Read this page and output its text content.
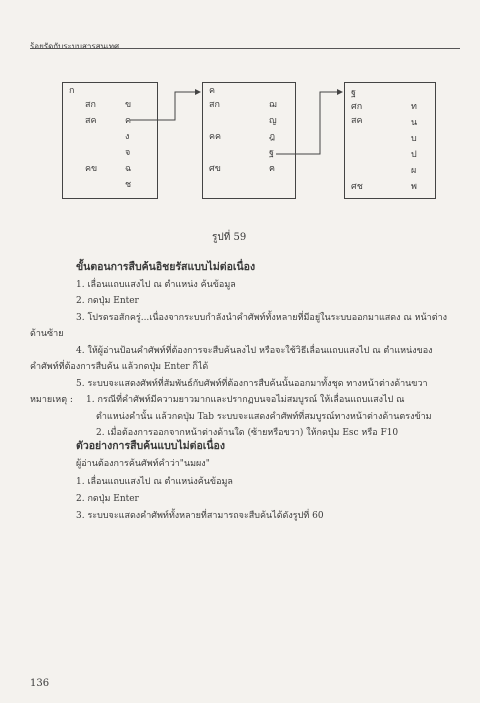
ร้อยรัดกับระบบสารสนเทศ
ก
สก
สค
คข
ข
ค
ง
จ
ฉ
ช
ค
สก
คค
ศข
ฌ
ญ
ฎ
ฐ
ฅ
ฐ
ศก
สค
ศช
ท
น
บ
ป
ผ
พ
รูปที่ 59
ขั้นตอนการสืบค้นอิชยรัสแบบไม่ต่อเนื่อง
1. เลื่อนแถบแสงไป ณ ตำแหน่ง ค้นข้อมูล
2. กดปุ่ม Enter
3. โปรดรอสักครู่...เนื่องจากระบบกำลังนำคำศัพท์ทั้งหลายที่มีอยู่ในระบบออกมาแสดง ณ หน้าต่าง
ด้านซ้าย
4. ให้ผู้อ่านป้อนคำศัพท์ที่ต้องการจะสืบค้นลงไป หรือจะใช้วิธีเลื่อนแถบแสงไป ณ ตำแหน่งของ
คำศัพท์ที่ต้องการสืบค้น แล้วกดปุ่ม Enter ก็ได้
5. ระบบจะแสดงศัพท์ที่สัมพันธ์กับศัพท์ที่ต้องการสืบค้นนั้นออกมาทั้งชุด ทางหน้าต่างด้านขวา
หมายเหตุ : 1. กรณีที่คำศัพท์มีความยาวมากและปรากฏบนจอไม่สมบูรณ์ ให้เลื่อนแถบแสงไป ณ
ตำแหน่งคำนั้น แล้วกดปุ่ม Tab ระบบจะแสดงคำศัพท์ที่สมบูรณ์ทางหน้าต่างด้านตรงข้าม
2. เมื่อต้องการออกจากหน้าต่างด้านใด (ซ้ายหรือขวา) ให้กดปุ่ม Esc หรือ F10
ตัวอย่างการสืบค้นแบบไม่ต่อเนื่อง
ผู้อ่านต้องการค้นศัพท์คำว่า"นมผง"
1. เลื่อนแถบแสงไป ณ ตำแหน่งค้นข้อมูล
2. กดปุ่ม Enter
3. ระบบจะแสดงคำศัพท์ทั้งหลายที่สามารถจะสืบค้นได้ดังรูปที่ 60
136
